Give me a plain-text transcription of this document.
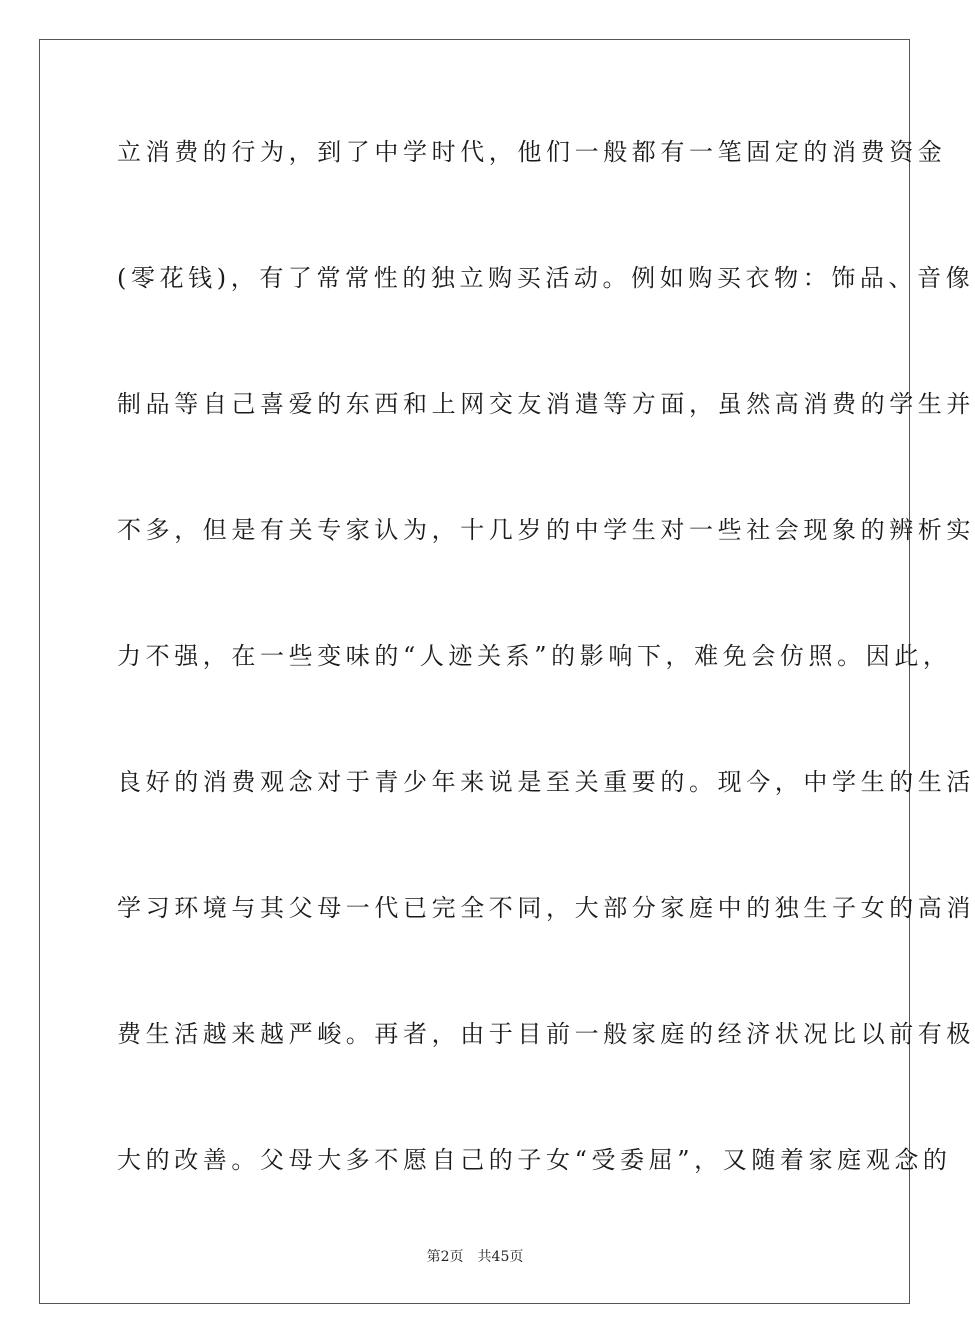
立消费的行为，到了中学时代，他们一般都有一笔固定的消费资金
(零花钱)，有了常常性的独立购买活动。例如购买衣物：饰品、音像
制品等自己喜爱的东西和上网交友消遣等方面，虽然高消费的学生并
不多，但是有关专家认为，十几岁的中学生对一些社会现象的辨析实
力不强，在一些变味的“人迹关系”的影响下，难免会仿照。因此，
良好的消费观念对于青少年来说是至关重要的。现今，中学生的生活
学习环境与其父母一代已完全不同，大部分家庭中的独生子女的高消
费生活越来越严峻。再者，由于目前一般家庭的经济状况比以前有极
大的改善。父母大多不愿自己的子女“受委屈”，又随着家庭观念的
第2页 共45页
